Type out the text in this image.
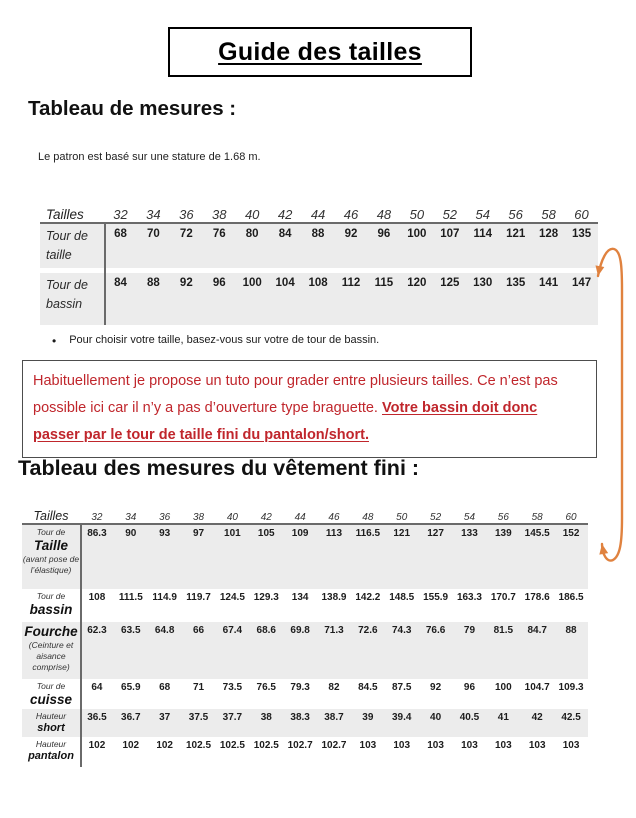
Guide des tailles
Tableau de mesures :
Le patron est basé sur une stature de 1.68 m.
Tailles	32	34	36	38	40	42	44	46	48	50	52	54	56	58	60
Tour de
taille
68	70	72	76	80	84	88	92	96	100	107	114	121	128	135
Tour de
bassin
84	88	92	96	100	104	108	112	115	120	125	130	135	141	147
• Pour choisir votre taille, basez-vous sur votre de tour de bassin.
Habituellement je propose un tuto pour grader entre plusieurs tailles. Ce n’est pas possible ici car il n’y a pas d’ouverture type braguette. Votre bassin doit donc passer par le tour de taille fini du pantalon/short.
Tableau des mesures du vêtement fini :
Tailles	32	34	36	38	40	42	44	46	48	50	52	54	56	58	60
Tour de
Taille
(avant pose de l’élastique)
86.3	90	93	97	101	105	109	113	116.5	121	127	133	139	145.5	152
Tour de
bassin
108	111.5 114.9 119.7 124.5 129.3	134	138.9 142.2 148.5 155.9 163.3 170.7 178.6 186.5
Fourche
(Ceinture et aisance comprise)
62.3	63.5	64.8	66	67.4	68.6	69.8	71.3	72.6	74.3	76.6	79	81.5	84.7	88
Tour de
cuisse
64	65.9	68	71	73.5	76.5	79.3	82	84.5	87.5	92	96	100	104.7 109.3
Hauteur
short
36.5	36.7	37	37.5	37.7	38	38.3	38.7	39	39.4	40	40.5	41	42	42.5
Hauteur
pantalon
102	102	102	102.5 102.5 102.5 102.7 102.7	103	103	103	103	103	103	103
